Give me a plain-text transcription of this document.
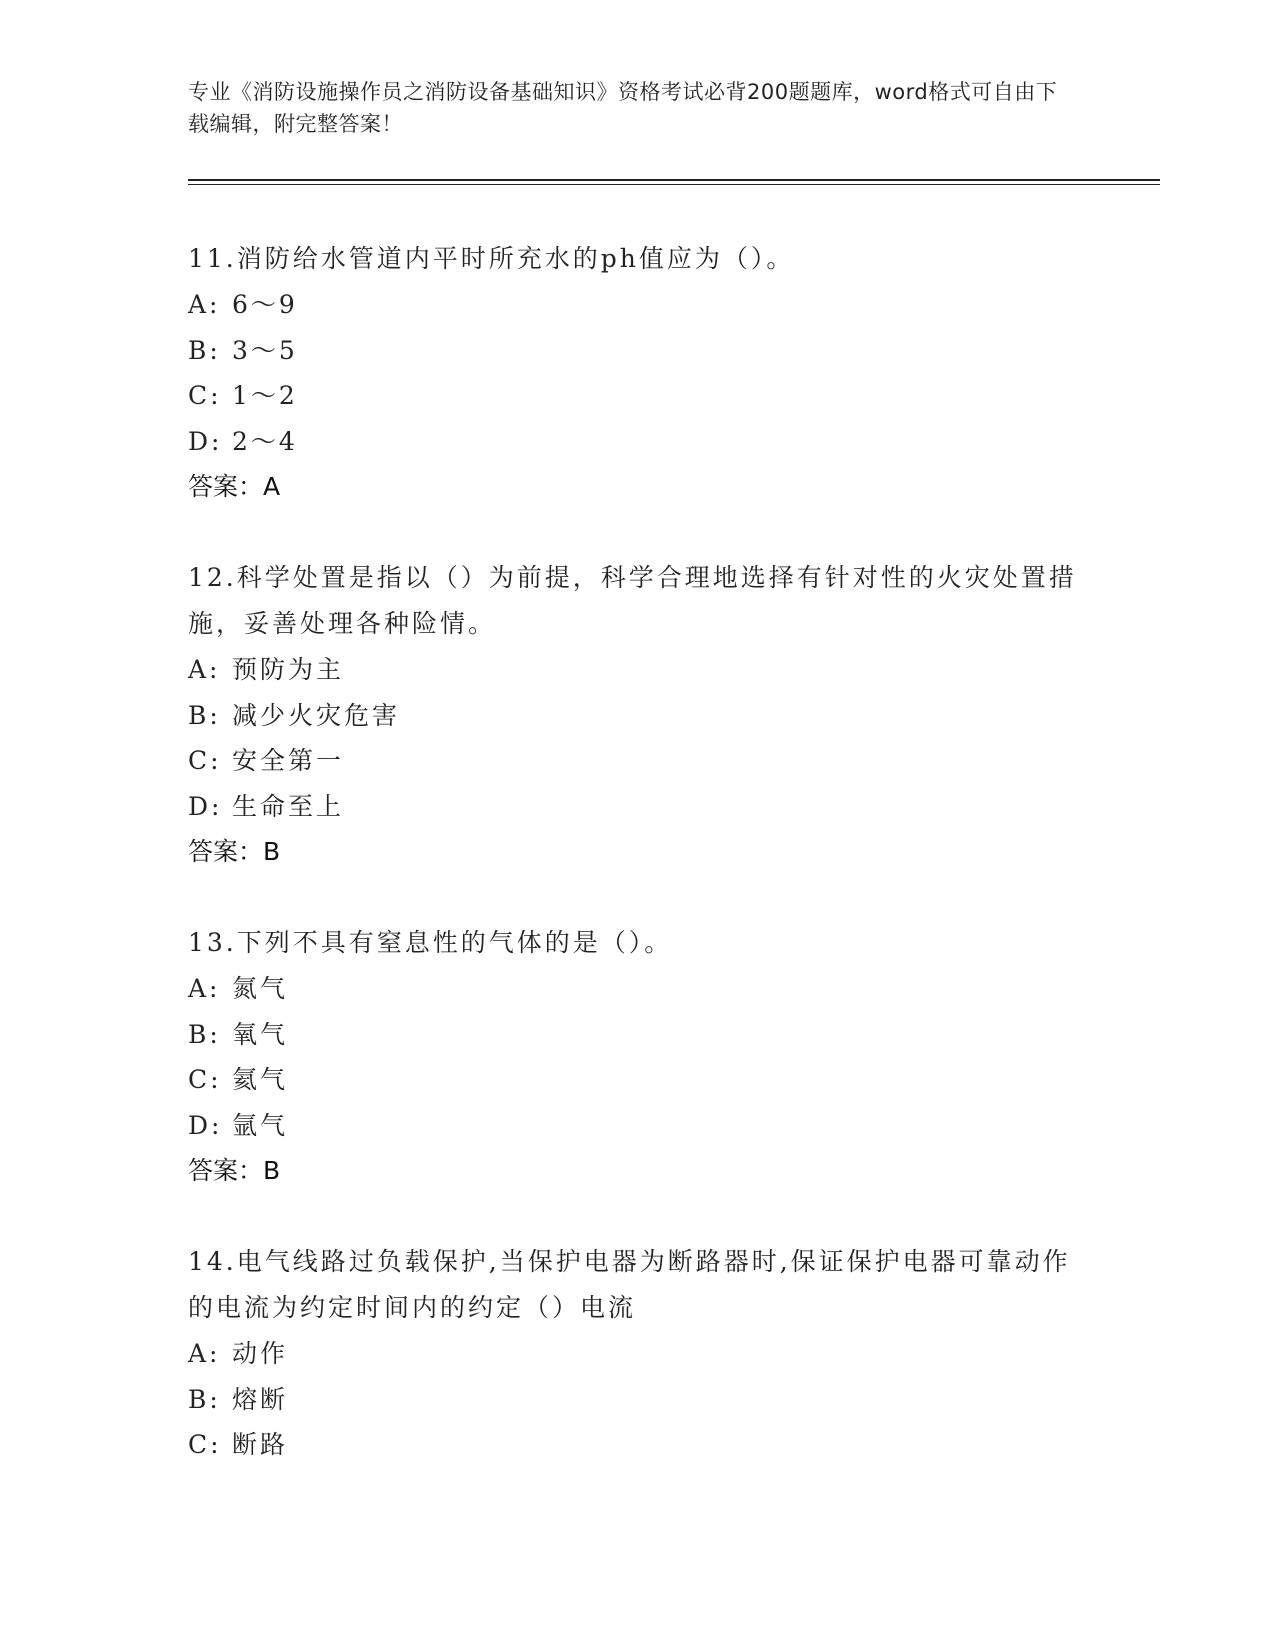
专业《消防设施操作员之消防设备基础知识》资格考试必背200题题库，word格式可自由下载编辑，附完整答案！

11.消防给水管道内平时所充水的ph值应为（）。

A: 6～9
B: 3～5
C: 1～2
D: 2～4

答案：A

12.科学处置是指以（）为前提，科学合理地选择有针对性的火灾处置措施，妥善处理各种险情。

A: 预防为主
B: 减少火灾危害
C: 安全第一
D: 生命至上

答案：B

13.下列不具有窒息性的气体的是（）。

A: 氮气
B: 氧气
C: 氦气
D: 氩气

答案：B

14.电气线路过负载保护,当保护电器为断路器时,保证保护电器可靠动作的电流为约定时间内的约定（）电流

A: 动作
B: 熔断
C: 断路
